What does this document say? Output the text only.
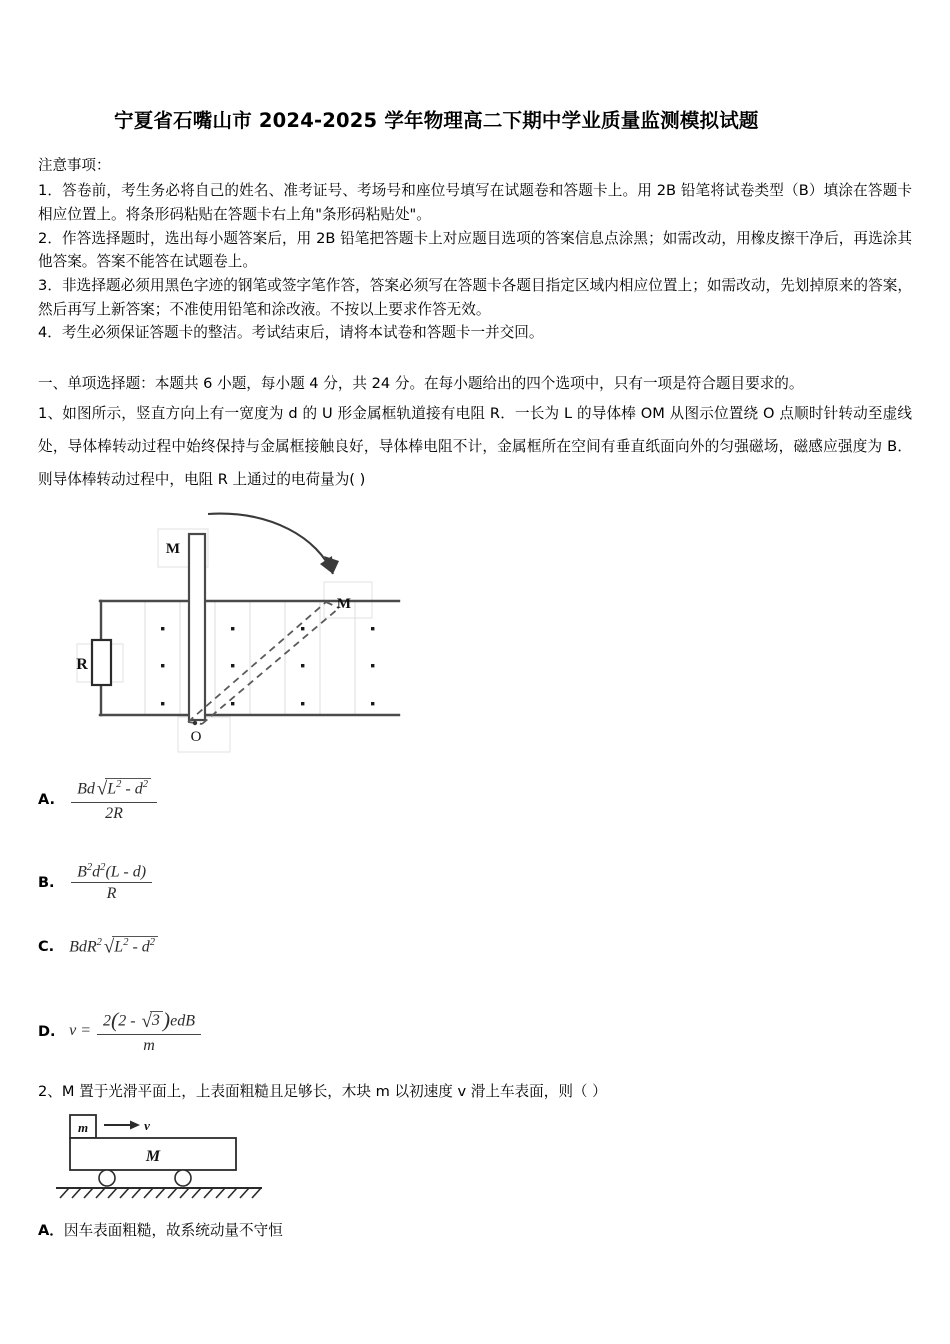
宁夏省石嘴山市 2024-2025 学年物理高二下期中学业质量监测模拟试题

注意事项：

1．答卷前，考生务必将自己的姓名、准考证号、考场号和座位号填写在试题卷和答题卡上。用 2B 铅笔将试卷类型（B）填涂在答题卡相应位置上。将条形码粘贴在答题卡右上角"条形码粘贴处"。

2．作答选择题时，选出每小题答案后，用 2B 铅笔把答题卡上对应题目选项的答案信息点涂黑；如需改动，用橡皮擦干净后，再选涂其他答案。答案不能答在试题卷上。

3．非选择题必须用黑色字迹的钢笔或签字笔作答，答案必须写在答题卡各题目指定区域内相应位置上；如需改动，先划掉原来的答案，然后再写上新答案；不准使用铅笔和涂改液。不按以上要求作答无效。

4．考生必须保证答题卡的整洁。考试结束后，请将本试卷和答题卡一并交回。

一、单项选择题：本题共 6 小题，每小题 4 分，共 24 分。在每小题给出的四个选项中，只有一项是符合题目要求的。

1、如图所示，竖直方向上有一宽度为 d 的 U 形金属框轨道接有电阻 R．一长为 L 的导体棒 OM 从图示位置绕 O 点顺时针转动至虚线处，导体棒转动过程中始终保持与金属框接触良好，导体棒电阻不计，金属框所在空间有垂直纸面向外的匀强磁场，磁感应强度为 B．则导体棒转动过程中，电阻 R 上通过的电荷量为( )

R
M
O
M
A. $\frac{Bd √L^2 - d^2}{2R}$
B. $\frac{B^2d^2(L - d)}{R}$
C. BdR$^2$ $√L^2 - d^2$
D. $v = \frac{\text{2(2 - √3 )edB}}{m}$

2、M 置于光滑平面上，上表面粗糙且足够长，木块 m 以初速度 v 滑上车表面，则（ ）

m	v
M

A．因车表面粗糙，故系统动量不守恒
